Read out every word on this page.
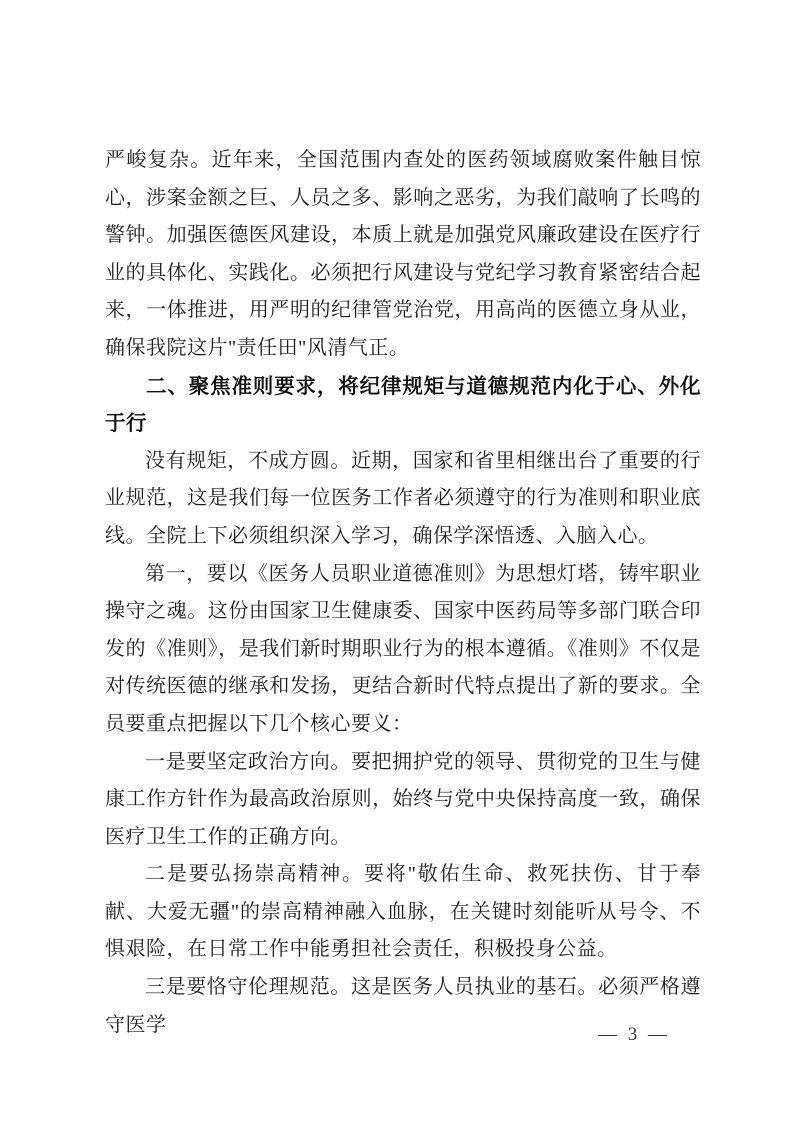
严峻复杂。近年来，全国范围内查处的医药领域腐败案件触目惊心，涉案金额之巨、人员之多、影响之恶劣，为我们敲响了长鸣的警钟。加强医德医风建设，本质上就是加强党风廉政建设在医疗行业的具体化、实践化。必须把行风建设与党纪学习教育紧密结合起来，一体推进，用严明的纪律管党治党，用高尚的医德立身从业，确保我院这片"责任田"风清气正。

二、聚焦准则要求，将纪律规矩与道德规范内化于心、外化于行

没有规矩，不成方圆。近期，国家和省里相继出台了重要的行业规范，这是我们每一位医务工作者必须遵守的行为准则和职业底线。全院上下必须组织深入学习，确保学深悟透、入脑入心。

第一，要以《医务人员职业道德准则》为思想灯塔，铸牢职业操守之魂。这份由国家卫生健康委、国家中医药局等多部门联合印发的《准则》，是我们新时期职业行为的根本遵循。《准则》不仅是对传统医德的继承和发扬，更结合新时代特点提出了新的要求。全员要重点把握以下几个核心要义：

一是要坚定政治方向。要把拥护党的领导、贯彻党的卫生与健康工作方针作为最高政治原则，始终与党中央保持高度一致，确保医疗卫生工作的正确方向。

二是要弘扬崇高精神。要将"敬佑生命、救死扶伤、甘于奉献、大爱无疆"的崇高精神融入血脉，在关键时刻能听从号令、不惧艰险，在日常工作中能勇担社会责任，积极投身公益。

三是要恪守伦理规范。这是医务人员执业的基石。必须严格遵守医学	— 3 —
